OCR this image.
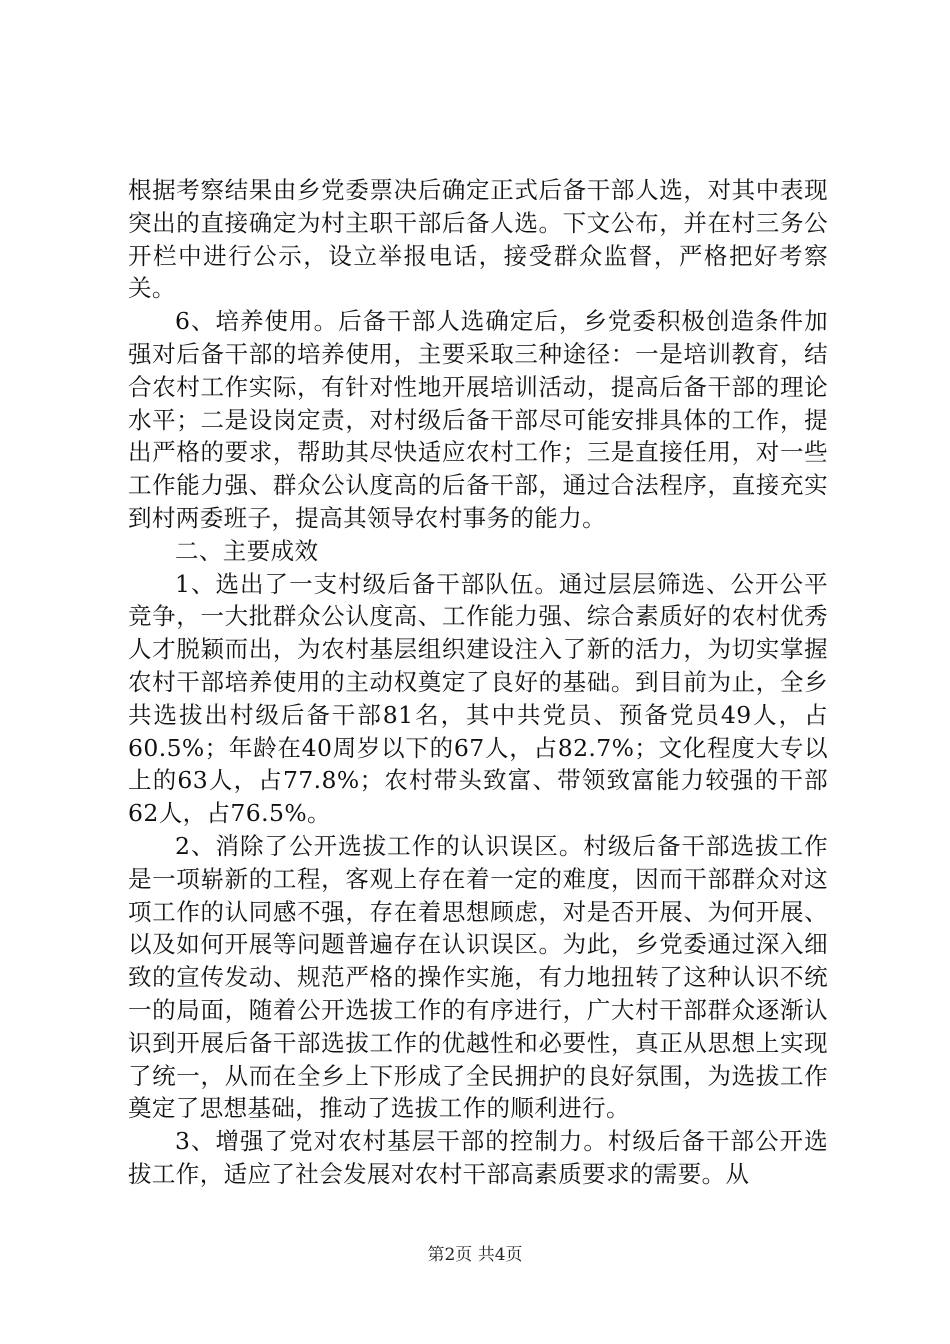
根据考察结果由乡党委票决后确定正式后备干部人选，对其中表现突出的直接确定为村主职干部后备人选。下文公布，并在村三务公开栏中进行公示，设立举报电话，接受群众监督，严格把好考察关。

6、培养使用。后备干部人选确定后，乡党委积极创造条件加强对后备干部的培养使用，主要采取三种途径：一是培训教育，结合农村工作实际，有针对性地开展培训活动，提高后备干部的理论水平；二是设岗定责，对村级后备干部尽可能安排具体的工作，提出严格的要求，帮助其尽快适应农村工作；三是直接任用，对一些工作能力强、群众公认度高的后备干部，通过合法程序，直接充实到村两委班子，提高其领导农村事务的能力。

二、主要成效

1、选出了一支村级后备干部队伍。通过层层筛选、公开公平竞争，一大批群众公认度高、工作能力强、综合素质好的农村优秀人才脱颖而出，为农村基层组织建设注入了新的活力，为切实掌握农村干部培养使用的主动权奠定了良好的基础。到目前为止，全乡共选拔出村级后备干部81名，其中共党员、预备党员49人，占60.5%；年龄在40周岁以下的67人，占82.7%；文化程度大专以上的63人，占77.8%；农村带头致富、带领致富能力较强的干部62人，占76.5%。

2、消除了公开选拔工作的认识误区。村级后备干部选拔工作是一项崭新的工程，客观上存在着一定的难度，因而干部群众对这项工作的认同感不强，存在着思想顾虑，对是否开展、为何开展、以及如何开展等问题普遍存在认识误区。为此，乡党委通过深入细致的宣传发动、规范严格的操作实施，有力地扭转了这种认识不统一的局面，随着公开选拔工作的有序进行，广大村干部群众逐渐认识到开展后备干部选拔工作的优越性和必要性，真正从思想上实现了统一，从而在全乡上下形成了全民拥护的良好氛围，为选拔工作奠定了思想基础，推动了选拔工作的顺利进行。

3、增强了党对农村基层干部的控制力。村级后备干部公开选拔工作，适应了社会发展对农村干部高素质要求的需要。从

第2页 共4页
